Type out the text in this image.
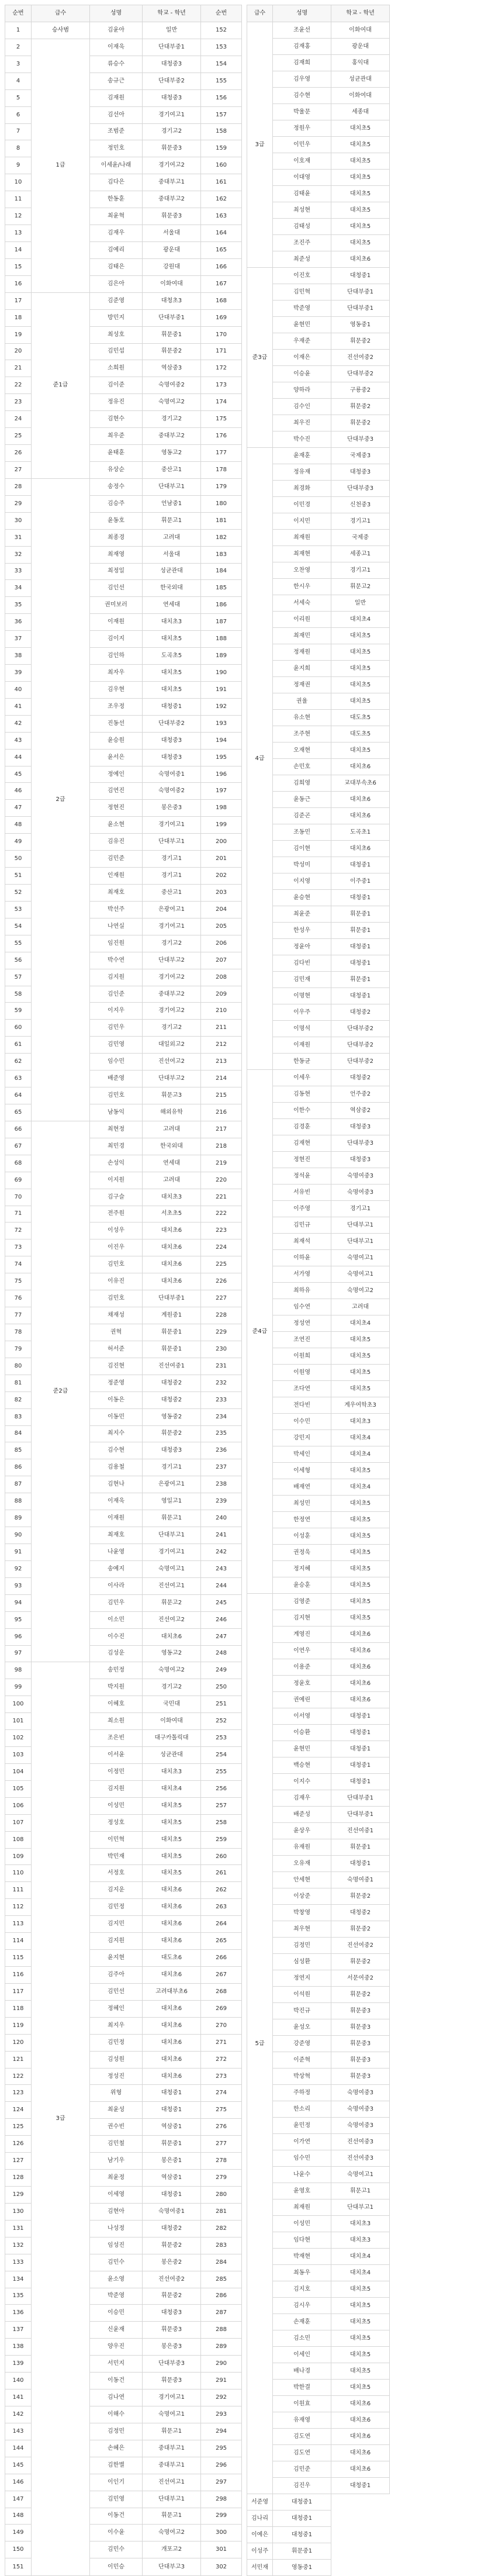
순번	급수	성명	학교 - 학년	순번
1	승사범	김윤아	일반	152
2	1급	이재욱	단대부중1	153
3		류승수	대청중3	154
4		송규근	단대부중2	155
5		김재원	대청중3	156
6		김선아	경기여고1	157
7		조범준	경기고2	158
8		정민호	휘문중3	159
9		이세윤/나래	경기여고2	160
10		김다은	중대부고1	161
11		한동훈	중대부고2	162
12		최윤혁	휘문중3	163
13		김재우	서울대	164
14		김예리	광운대	165
15		김태은	강원대	166
16		김은아	이화여대	167
17	준1급	김준영	대청초3	168
18		방민지	단대부중1	169
19		최성호	휘문중1	170
20		김민섭	휘문중2	171
21		소희원	역삼중3	172
22		김이준	숙명여중2	173
23		정유진	숙명여고2	174
24		김현수	경기고2	175
25		최우준	중대부고2	176
26		윤태훈	영동고2	177
27		유상순	중산고1	178
28	2급	송정수	단대부고1	179
29		김승주	언남중1	180
30		윤동호	휘문고1	181
31		최종경	고려대	182
32		최재영	서울대	183
33		최정일	성균관대	184
34		김인선	한국외대	185
35		권미보러	연세대	186
36		이재원	대치초3	187
37		김이지	대치초5	188
38		김인하	도곡초5	189
39		최자우	대치초5	190
40		김우현	대치초5	191
41		조우정	대청중1	192
42		진동선	단대부중2	193
43		윤승원	대청중3	194
44		윤서은	대청중3	195
45		정예인	숙명여중1	196
46		김연진	숙명여중2	197
47		정현진	봉은중3	198
48		윤소현	경기여고1	199
49		김유진	단대부고1	200
50		김민준	경기고1	201
51		인재원	경기고1	202
52		최재호	중산고1	203
53		박선주	은광여고1	204
54		나연실	경기여고1	205
55		임진원	경기고2	206
56		박수연	단대부고2	207
57		김지원	경기여고2	208
58		김인준	중대부고2	209
59		이지우	경기여고2	210
60		김민우	경기고2	211
61		김민영	대일외고2	212
62		임수민	진선여고2	213
63		배준영	단대부고2	214
64		김민호	휘문고3	215
65		남동익	해외유학	216
66	준2급	최현정	고려대	217
67		최민경	한국외대	218
68		손성익	연세대	219
69		이지원	고려대	220
70		김구슬	대치초3	221
71		전주원	서초초5	222
72		이성우	대치초6	223
73		이진우	대치초6	224
74		김민호	대치초6	225
75		이유진	대치초6	226
76		김민호	단대부중1	227
77		채재성	계원중1	228
78		권혁	휘문중1	229
79		허서준	휘문중1	230
80		김진현	진선여중1	231
81		정준영	대청중2	232
82		이동은	대청중2	233
83		이동민	영동중2	234
84		최지수	휘문중2	235
85		김수현	대청중3	236
86		김용철	경기고1	237
87		김현나	은광여고1	238
88		이재욱	영일고1	239
89		이재원	휘문고1	240
90		최재호	단대부고1	241
91		나윤영	경기여고1	242
92		송예지	숙명여고1	243
93		이사라	진선여고1	244
94		김민우	휘문고2	245
95		이소민	진선여고2	246
96		이수진	대치초6	247
97		김성운	영동고2	248
98	3급	송민정	숙명여고2	249
99		박지원	경기고2	250
100		이혜호	국민대	251
101		최소원	이화여대	252
102		조은빈	대구카톨릭대	253
103		이서윤	성균관대	254
104		이정민	대치초3	255
105		김지원	대치초4	256
106		이성민	대치초5	257
107		정성호	대치초5	258
108		이민혁	대치초5	259
109		박민재	대치초5	260
110		서정호	대치초5	261
111		김지운	대치초6	262
112		김민정	대치초6	263
113		김지민	대치초6	264
114		김지원	대치초6	265
115		윤지현	대도초6	266
116		김주아	대치초6	267
117		김민선	고려대부초6	268
118		정혜인	대치초6	269
119		최지우	대치초6	270
120		김민정	대치초6	271
121		김성원	대치초6	272
122		정성진	대치초6	273
123		위형	대청중1	274
124		최윤성	대청중1	275
125		권수빈	역삼중1	276
126		김민철	휘문중1	277
127		남기우	봉은중1	278
128		최윤정	역삼중1	279
129		이세영	대청중1	280
130		김현아	숙명여중1	281
131		나성정	대청중2	282
132		임성진	휘문중2	283
133		김민수	봉은중2	284
134		윤소영	진선여중2	285
135		박준영	휘문중2	286
136		이승민	대청중3	287
137		신윤재	휘문중3	288
138		양우진	봉은중3	289
139		서민지	단대부중3	290
140		이동건	휘문중3	291
141		김나연	경기여고1	292
142		이해수	숙명여고1	293
143		김정민	휘문고1	294
144		손혜은	중대부고1	295
145		김한별	중대부고1	296
146		이인기	진선여고1	297
147		김민영	단대부고1	298
148		이동건	휘문고1	299
149		이수윤	숙명여고2	300
150		김민수	개포고2	301
151		이민승	단대부고3	302
급수	성명	학교 - 학년
3급	조윤선	이화여대
	김재홍	광운대
	김재희	홍익대
	김우영	성균관대
	김수현	이화여대
	박율문	세종대
	정원우	대치초5
	이민우	대치초5
	이호재	대치초5
	이대영	대치초5
	김태윤	대치초5
	최성현	대치초5
	김태성	대치초5
	조진주	대치초5
	최준성	대치초6
준3급	이진호	대청중1
	김민혁	단대부중1
	박준영	단대부중1
	윤현민	영동중1
	우재준	휘문중2
	이재은	진선여중2
	이승윤	단대부중2
	양하라	구룡중2
	김수인	휘문중2
	최우진	휘문중2
	박수진	단대부중3
4급	윤재훈	국제중3
	정유재	대청중3
	최경화	단대부중3
	이민경	신천중3
	이지민	경기고1
	최재원	국제중
	최재현	세종고1
	오찬영	경기고1
	한시우	휘문고2
	서세숙	일반
	이리원	대치초4
	최재민	대치초5
	정재원	대치초5
	윤지희	대치초5
	정재권	대치초5
	권율	대치초5
	유소현	대도초5
	조주현	대도초5
	오재현	대치초5
	손민호	대치초6
	김희영	교대부속초6
	윤동근	대치초6
	김준곤	대치초6
	조동민	도곡초1
	김이현	대치초6
	박성미	대청중1
	이지영	이주중1
	윤승현	대청중1
	최윤준	휘문중1
	한성우	휘문중1
	정윤아	대청중1
	김다빈	대청중1
	김민재	휘문중1
	이명현	대청중1
	이우주	대청중2
	이명석	단대부중2
	이재원	단대부중2
	한동균	단대부중2
준4급	이세우	대청중2
	김동현	언주중2
	이한수	역삼중2
	김경훈	대청중3
	김재현	단대부중3
	정현진	대청중3
	정석윤	숙명여중3
	서유빈	숙명여중3
	이주영	경기고1
	김민규	단대부고1
	최재석	단대부고1
	이하윤	숙명여고1
	서가영	숙명여고1
	최하유	숙명여고2
	임수연	고려대
	정성연	대치초4
	조연진	대치초5
	이원희	대치초5
	이원영	대치초5
	조다연	대치초5
	전다빈	계우여학초3
	이수민	대치초3
	강민지	대치초4
	박세인	대치초4
	이세형	대치초5
	배재연	대치초4
	최성민	대치초5
	한정연	대치초5
	이성훈	대치초5
	권정욱	대치초5
	정지혜	대치초5
	윤승훈	대치초5
5급	김영준	대치초5
	김지현	대치초5
	계영진	대치초6
	이연우	대치초6
	이용준	대치초6
	정윤호	대치초6
	권예린	대치초6
	이서영	대청중1
	이승환	대청중1
	윤현민	대청중1
	백승현	대청중1
	이지수	대청중1
	김재우	단대부중1
	배준성	단대부중1
	윤상우	진선여중1
	유재원	휘문중1
	오유재	대청중1
	안세현	숙명여중1
	이상준	휘문중2
	박창영	대청중2
	최우현	휘문중2
	김정민	진선여중2
	심성환	휘문중2
	정연지	서문여중2
	이석원	휘문중2
	박진규	휘문중3
	윤성오	휘문중3
	강준영	휘문중3
	이준혁	휘문중3
	박상혁	휘문중3
	주하정	숙명여중3
	한소리	숙명여중3
	윤민정	숙명여중3
	이가연	진선여중3
	임수민	진선여중3
	나윤수	숙명여고1
	윤영호	휘문고1
	최재원	단대부고1
	이성민	대치초3
	임다현	대치초3
	박재현	대치초4
	최동우	대치초4
	김지호	대치초5
	김시우	대치초5
	손재훈	대치초5
	김소민	대치초5
	이세인	대치초5
	배나경	대치초5
	박한결	대치초5
	이원효	대치초6
	유재영	대치초6
	김도연	대치초6
	김도연	대치초6
	김민준	대치초6
	김진우	대청중1
서준영	대청중1	
김나리	대청중1	
이예은	대청중1	
이성주	휘문중1	
서민재	영동중1	
